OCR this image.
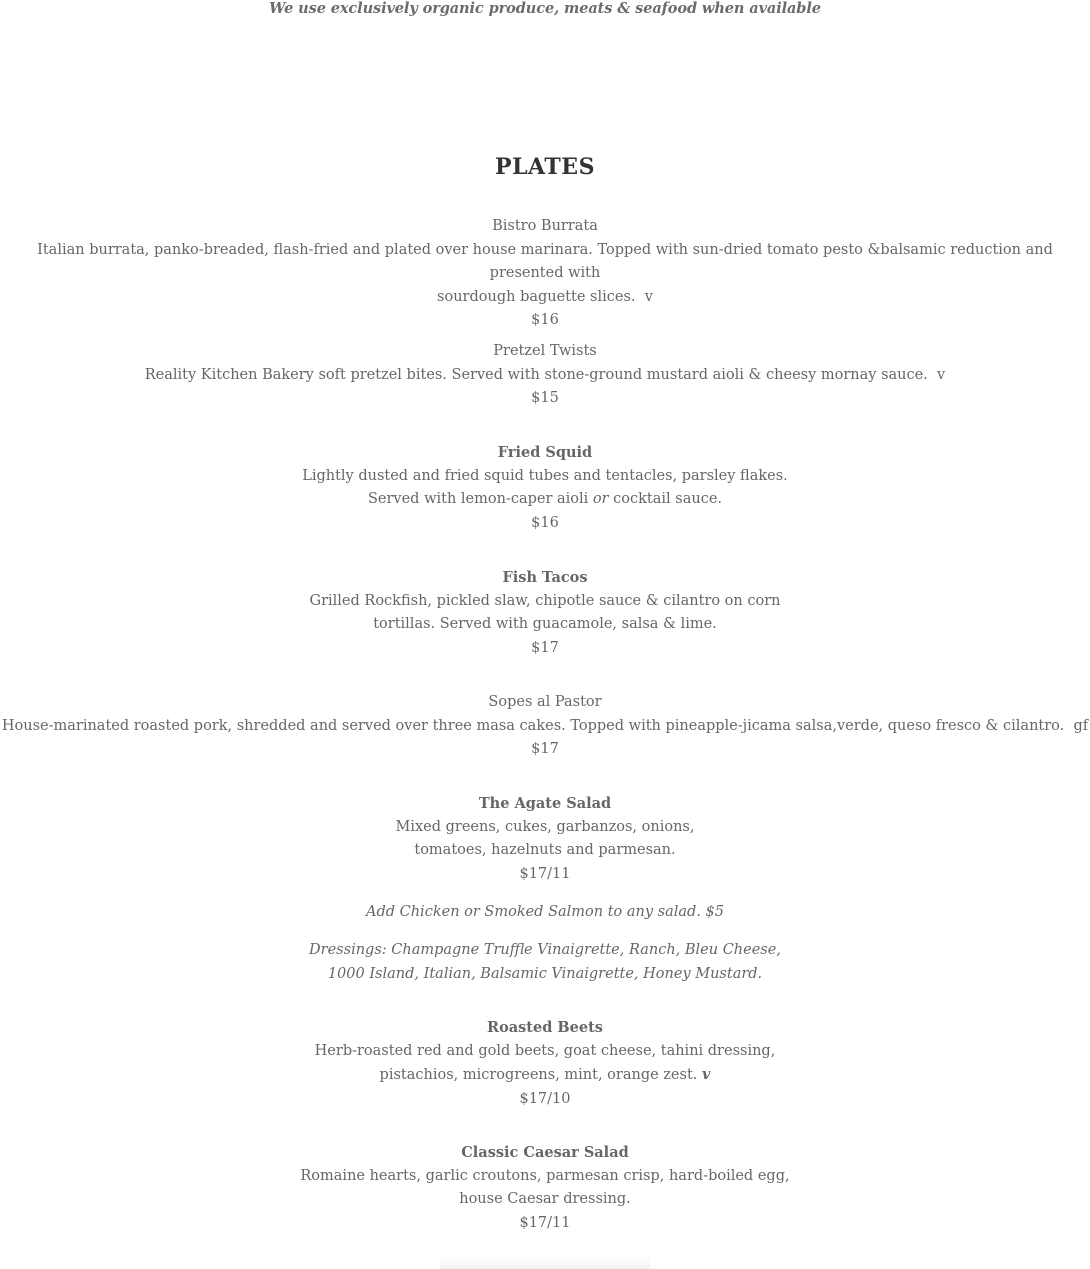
We use exclusively organic produce, meats & seafood when available
PLATES
Bistro Burrata
Italian burrata, panko-breaded, flash-fried and plated over house marinara. Topped with sun-dried tomato pesto &balsamic reduction and presented with
sourdough baguette slices. v
$16
Pretzel Twists
Reality Kitchen Bakery soft pretzel bites. Served with stone-ground mustard aioli & cheesy mornay sauce. v
$15
Fried Squid
Lightly dusted and fried squid tubes and tentacles, parsley flakes.
Served with lemon-caper aioli or cocktail sauce.
$16
Fish Tacos
Grilled Rockfish, pickled slaw, chipotle sauce & cilantro on corn
tortillas. Served with guacamole, salsa & lime.
$17
Sopes al Pastor
House-marinated roasted pork, shredded and served over three masa cakes. Topped with pineapple-jicama salsa,verde, queso fresco & cilantro. gf
$17
The Agate Salad
Mixed greens, cukes, garbanzos, onions,
tomatoes, hazelnuts and parmesan.
$17/11
Add Chicken or Smoked Salmon to any salad. $5
Dressings: Champagne Truffle Vinaigrette, Ranch, Bleu Cheese,
1000 Island, Italian, Balsamic Vinaigrette, Honey Mustard.
Roasted Beets
Herb-roasted red and gold beets, goat cheese, tahini dressing,
pistachios, microgreens, mint, orange zest. v
$17/10
Classic Caesar Salad
Romaine hearts, garlic croutons, parmesan crisp, hard-boiled egg,
house Caesar dressing.
$17/11
